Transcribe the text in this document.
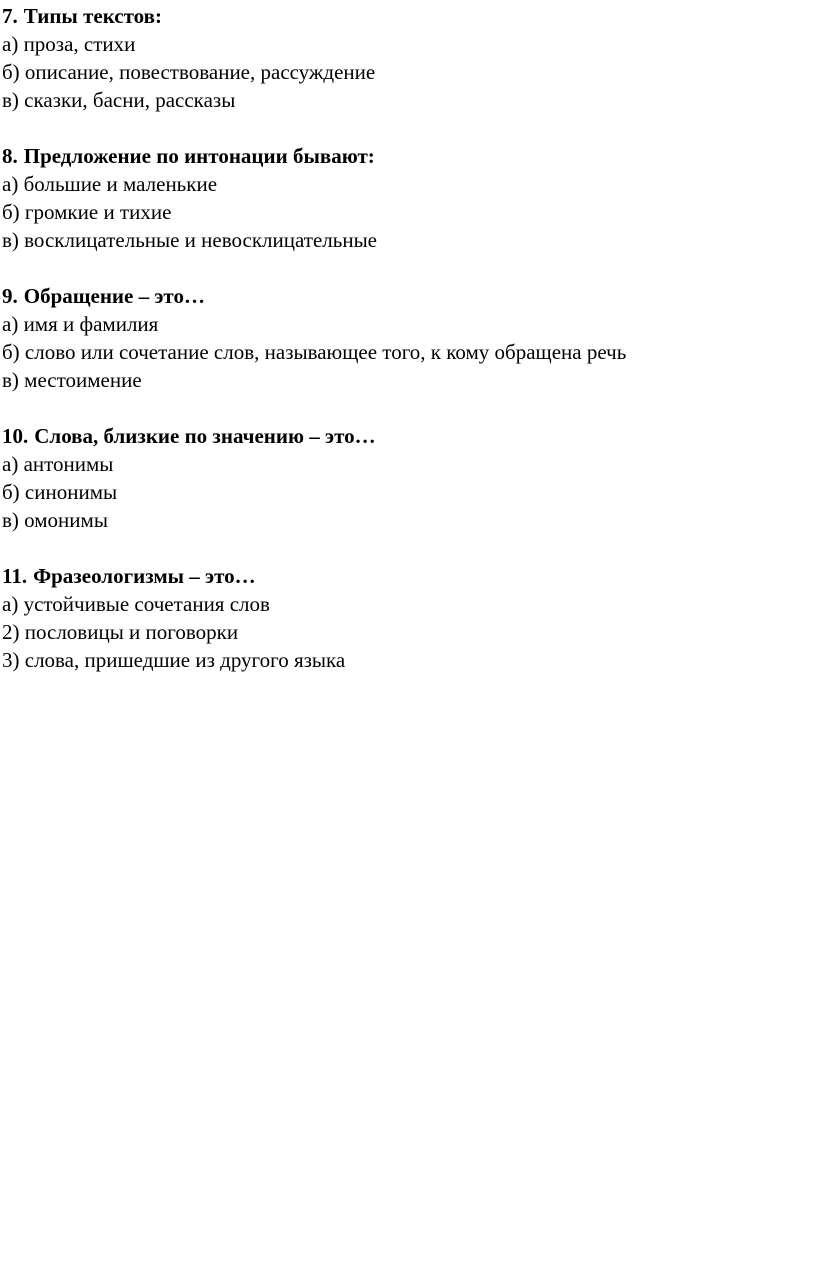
7. Типы текстов:

а) проза, стихи

б) описание, повествование, рассуждение

в) сказки, басни, рассказы

8. Предложение по интонации бывают:

а) большие и маленькие

б) громкие и тихие

в) восклицательные и невосклицательные

9. Обращение – это…

а) имя и фамилия

б) слово или сочетание слов, называющее того, к кому обращена речь

в) местоимение

10. Слова, близкие по значению – это…

а) антонимы

б) синонимы

в) омонимы

11. Фразеологизмы – это…

а) устойчивые сочетания слов

2) пословицы и поговорки

3) слова, пришедшие из другого языка
